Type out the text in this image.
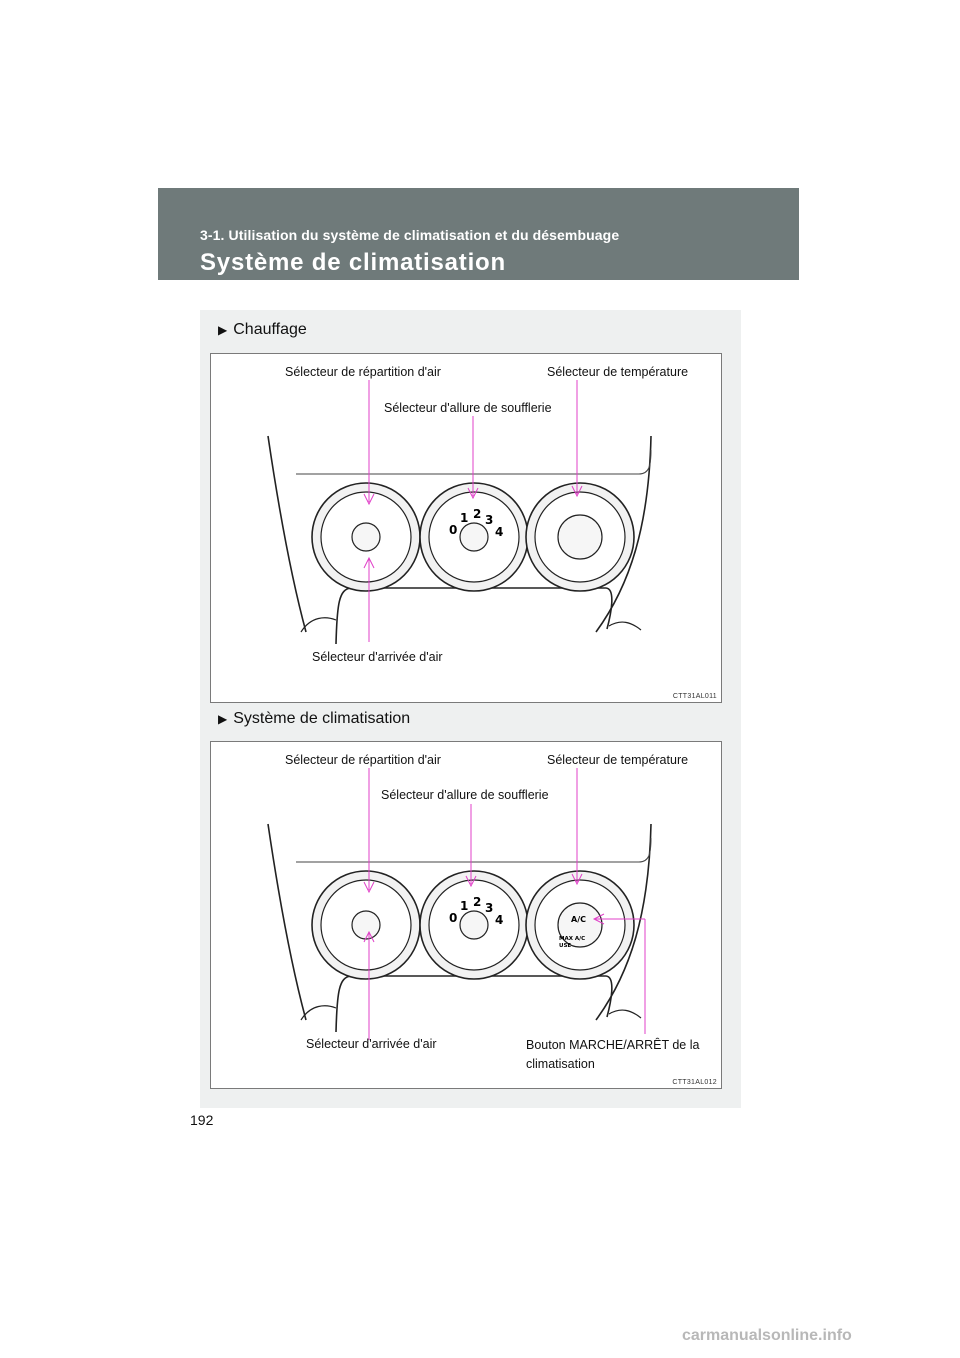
3-1. Utilisation du système de climatisation et du désembuage
Système de climatisation
▶ Chauffage
0
1 2 3
4
Sélecteur de répartition d'air	Sélecteur de température
Sélecteur d'allure de soufflerie
Sélecteur d'arrivée d'air
CTT31AL011
▶ Système de climatisation
0
1 2 3
4	A/C
MAX A/C
USE
Sélecteur de répartition d'air	Sélecteur de température
Sélecteur d'allure de soufflerie
Sélecteur d'arrivée d'air	Bouton MARCHE/ARRÊT de la climatisation
CTT31AL012
192
carmanualsonline.info
